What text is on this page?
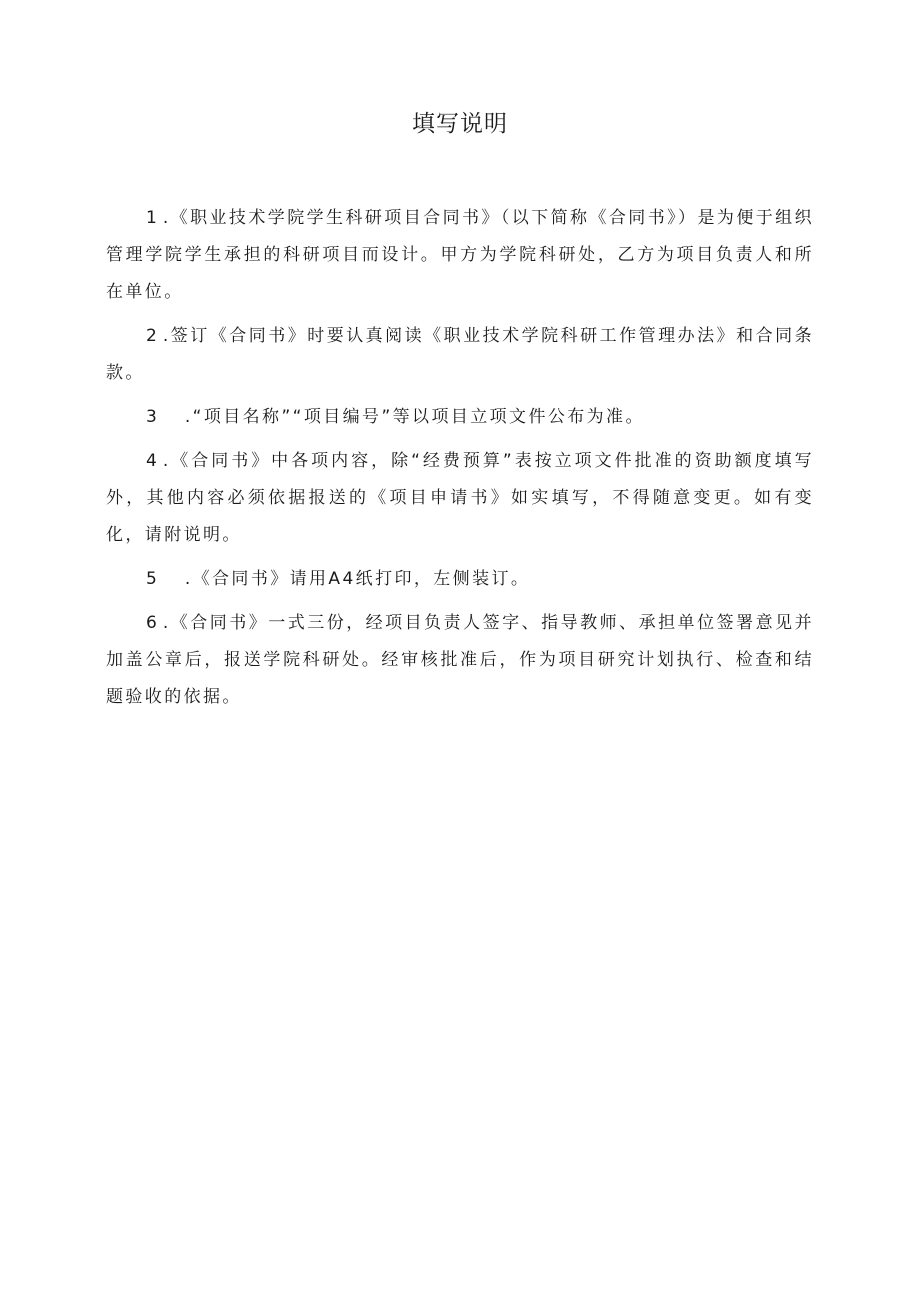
填写说明

1 .《职业技术学院学生科研项目合同书》（以下简称《合同书》）是为便于组织管理学院学生承担的科研项目而设计。甲方为学院科研处，乙方为项目负责人和所在单位。

2 .签订《合同书》时要认真阅读《职业技术学院科研工作管理办法》和合同条款。

3 .“项目名称”“项目编号”等以项目立项文件公布为准。

4 .《合同书》中各项内容，除“经费预算”表按立项文件批准的资助额度填写外，其他内容必须依据报送的《项目申请书》如实填写，不得随意变更。如有变化，请附说明。

5 .《合同书》请用A4纸打印，左侧装订。

6 .《合同书》一式三份，经项目负责人签字、指导教师、承担单位签署意见并加盖公章后，报送学院科研处。经审核批准后，作为项目研究计划执行、检查和结题验收的依据。
